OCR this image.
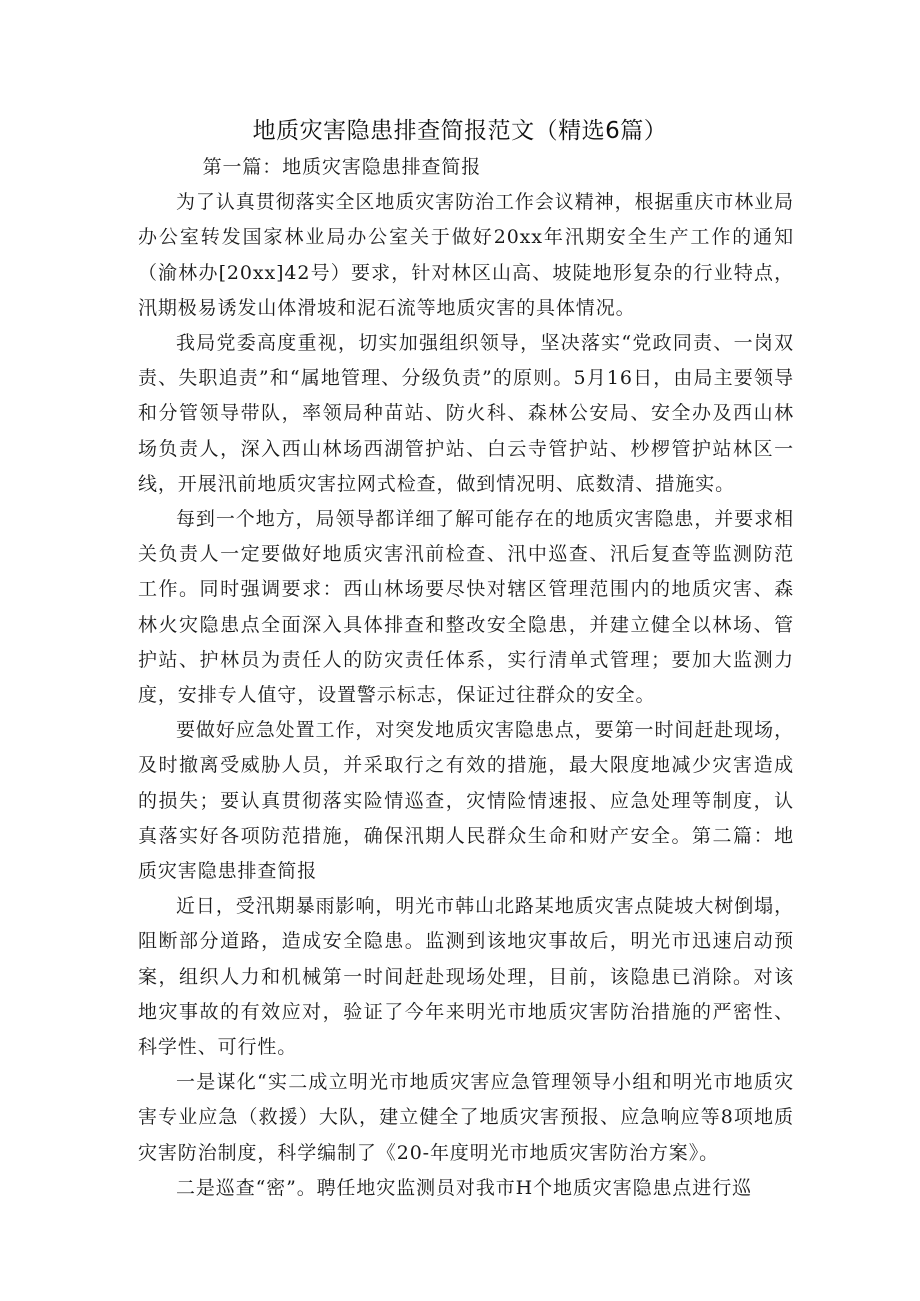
地质灾害隐患排查简报范文（精选6篇）

第一篇：地质灾害隐患排查简报

为了认真贯彻落实全区地质灾害防治工作会议精神，根据重庆市林业局办公室转发国家林业局办公室关于做好20xx年汛期安全生产工作的通知（渝林办[20xx]42号）要求，针对林区山高、坡陡地形复杂的行业特点，汛期极易诱发山体滑坡和泥石流等地质灾害的具体情况。

我局党委高度重视，切实加强组织领导，坚决落实“党政同责、一岗双责、失职追责”和“属地管理、分级负责”的原则。5月16日，由局主要领导和分管领导带队，率领局种苗站、防火科、森林公安局、安全办及西山林场负责人，深入西山林场西湖管护站、白云寺管护站、杪椤管护站林区一线，开展汛前地质灾害拉网式检查，做到情况明、底数清、措施实。

每到一个地方，局领导都详细了解可能存在的地质灾害隐患，并要求相关负责人一定要做好地质灾害汛前检查、汛中巡查、汛后复查等监测防范工作。同时强调要求：西山林场要尽快对辖区管理范围内的地质灾害、森林火灾隐患点全面深入具体排查和整改安全隐患，并建立健全以林场、管护站、护林员为责任人的防灾责任体系，实行清单式管理；要加大监测力度，安排专人值守，设置警示标志，保证过往群众的安全。

要做好应急处置工作，对突发地质灾害隐患点，要第一时间赶赴现场，及时撤离受威胁人员，并采取行之有效的措施，最大限度地减少灾害造成的损失；要认真贯彻落实险情巡查，灾情险情速报、应急处理等制度，认真落实好各项防范措施，确保汛期人民群众生命和财产安全。第二篇：地质灾害隐患排查简报

近日，受汛期暴雨影响，明光市韩山北路某地质灾害点陡坡大树倒塌，阻断部分道路，造成安全隐患。监测到该地灾事故后，明光市迅速启动预案，组织人力和机械第一时间赶赴现场处理，目前，该隐患已消除。对该地灾事故的有效应对，验证了今年来明光市地质灾害防治措施的严密性、科学性、可行性。

一是谋化“实二成立明光市地质灾害应急管理领导小组和明光市地质灾害专业应急（救援）大队，建立健全了地质灾害预报、应急响应等8项地质灾害防治制度，科学编制了《20-年度明光市地质灾害防治方案》。

二是巡查“密”。聘任地灾监测员对我市H个地质灾害隐患点进行巡
